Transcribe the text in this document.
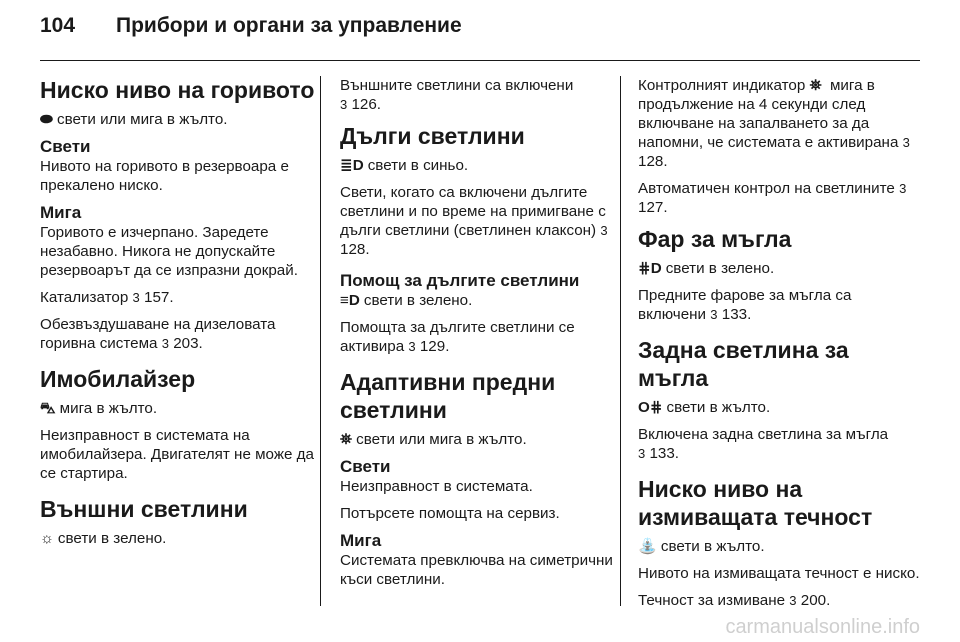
104	Прибори и органи за управление
Ниско ниво на горивото

⬬ свети или мига в жълто.

Свети

Нивото на горивото в резервоара е прекалено ниско.

Мига

Горивото е изчерпано. Заредете незабавно. Никога не допускайте резервоарът да се изпразни докрай.

Катализатор 3 157.

Обезвъздушаване на дизеловата горивна система 3 203.

Имобилайзер

⛍ мига в жълто.

Неизправност в системата на имобилайзера. Двигателят не може да се стартира.

Външни светлини

☼ свети в зелено.

Външните светлини са включени
3 126.

Дълги светлини

≣D свети в синьо.

Свети, когато са включени дългите светлини и по време на примигване с дълги светлини (светлинен клаксон) 3 128.

Помощ за дългите светлини

≡D свети в зелено.

Помощта за дългите светлини се активира 3 129.

Адаптивни предни светлини

⛯ свети или мига в жълто.

Свети

Неизправност в системата.

Потърсете помощта на сервиз.

Мига

Системата превключва на симетрични къси светлини.

Контролният индикатор ⛯ мига в продължение на 4 секунди след включване на запалването за да напомни, че системата е активирана 3 128.

Автоматичен контрол на светлините 3 127.

Фар за мъгла

⋕D свети в зелено.

Предните фарове за мъгла са включени 3 133.

Задна светлина за мъгла

O⋕ свети в жълто.

Включена задна светлина за мъгла
3 133.

Ниско ниво на измиващата течност

⛲ свети в жълто.

Нивото на измиващата течност е ниско.

Течност за измиване 3 200.

carmanualsonline.info
